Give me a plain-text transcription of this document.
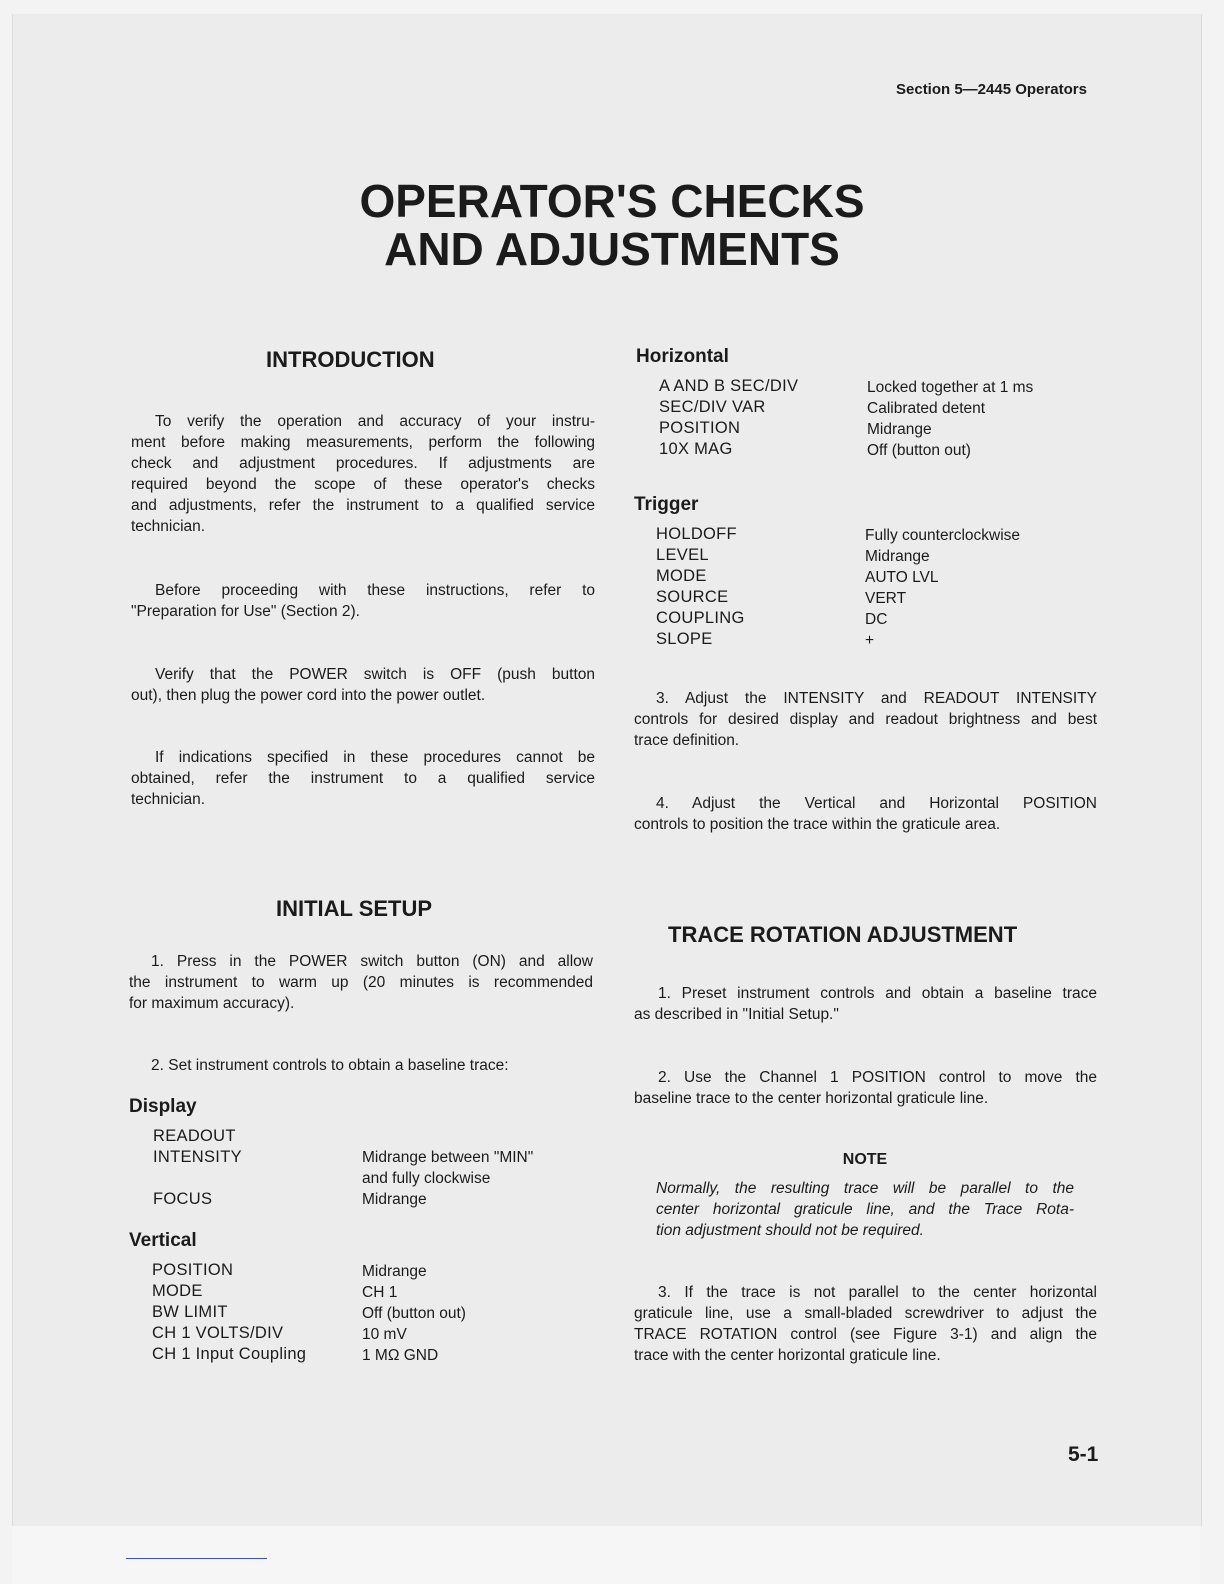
Section 5—2445 Operators
OPERATOR'S CHECKS
AND ADJUSTMENTS
INTRODUCTION
To verify the operation and accuracy of your instru-
ment before making measurements, perform the following
check and adjustment procedures. If adjustments are
required beyond the scope of these operator's checks
and adjustments, refer the instrument to a qualified service
technician.
Before proceeding with these instructions, refer to
"Preparation for Use" (Section 2).
Verify that the POWER switch is OFF (push button
out), then plug the power cord into the power outlet.
If indications specified in these procedures cannot be
obtained, refer the instrument to a qualified service
technician.
INITIAL SETUP
1. Press in the POWER switch button (ON) and allow
the instrument to warm up (20 minutes is recommended
for maximum accuracy).
2. Set instrument controls to obtain a baseline trace:
Display
READOUT
INTENSITY
FOCUS
Midrange between "MIN"
and fully clockwise
Midrange
Vertical
POSITION
MODE
BW LIMIT
CH 1 VOLTS/DIV
CH 1 Input Coupling
Midrange
CH 1
Off (button out)
10 mV
1 MΩ GND
Horizontal
A AND B SEC/DIV
SEC/DIV VAR
POSITION
10X MAG
Locked together at 1 ms
Calibrated detent
Midrange
Off (button out)
Trigger
HOLDOFF
LEVEL
MODE
SOURCE
COUPLING
SLOPE
Fully counterclockwise
Midrange
AUTO LVL
VERT
DC
+
3. Adjust the INTENSITY and READOUT INTENSITY
controls for desired display and readout brightness and best
trace definition.
4. Adjust the Vertical and Horizontal POSITION
controls to position the trace within the graticule area.
TRACE ROTATION ADJUSTMENT
1. Preset instrument controls and obtain a baseline trace
as described in "Initial Setup."
2. Use the Channel 1 POSITION control to move the
baseline trace to the center horizontal graticule line.
NOTE
Normally, the resulting trace will be parallel to the
center horizontal graticule line, and the Trace Rota-
tion adjustment should not be required.
3. If the trace is not parallel to the center horizontal
graticule line, use a small-bladed screwdriver to adjust the
TRACE ROTATION control (see Figure 3-1) and align the
trace with the center horizontal graticule line.
5-1
